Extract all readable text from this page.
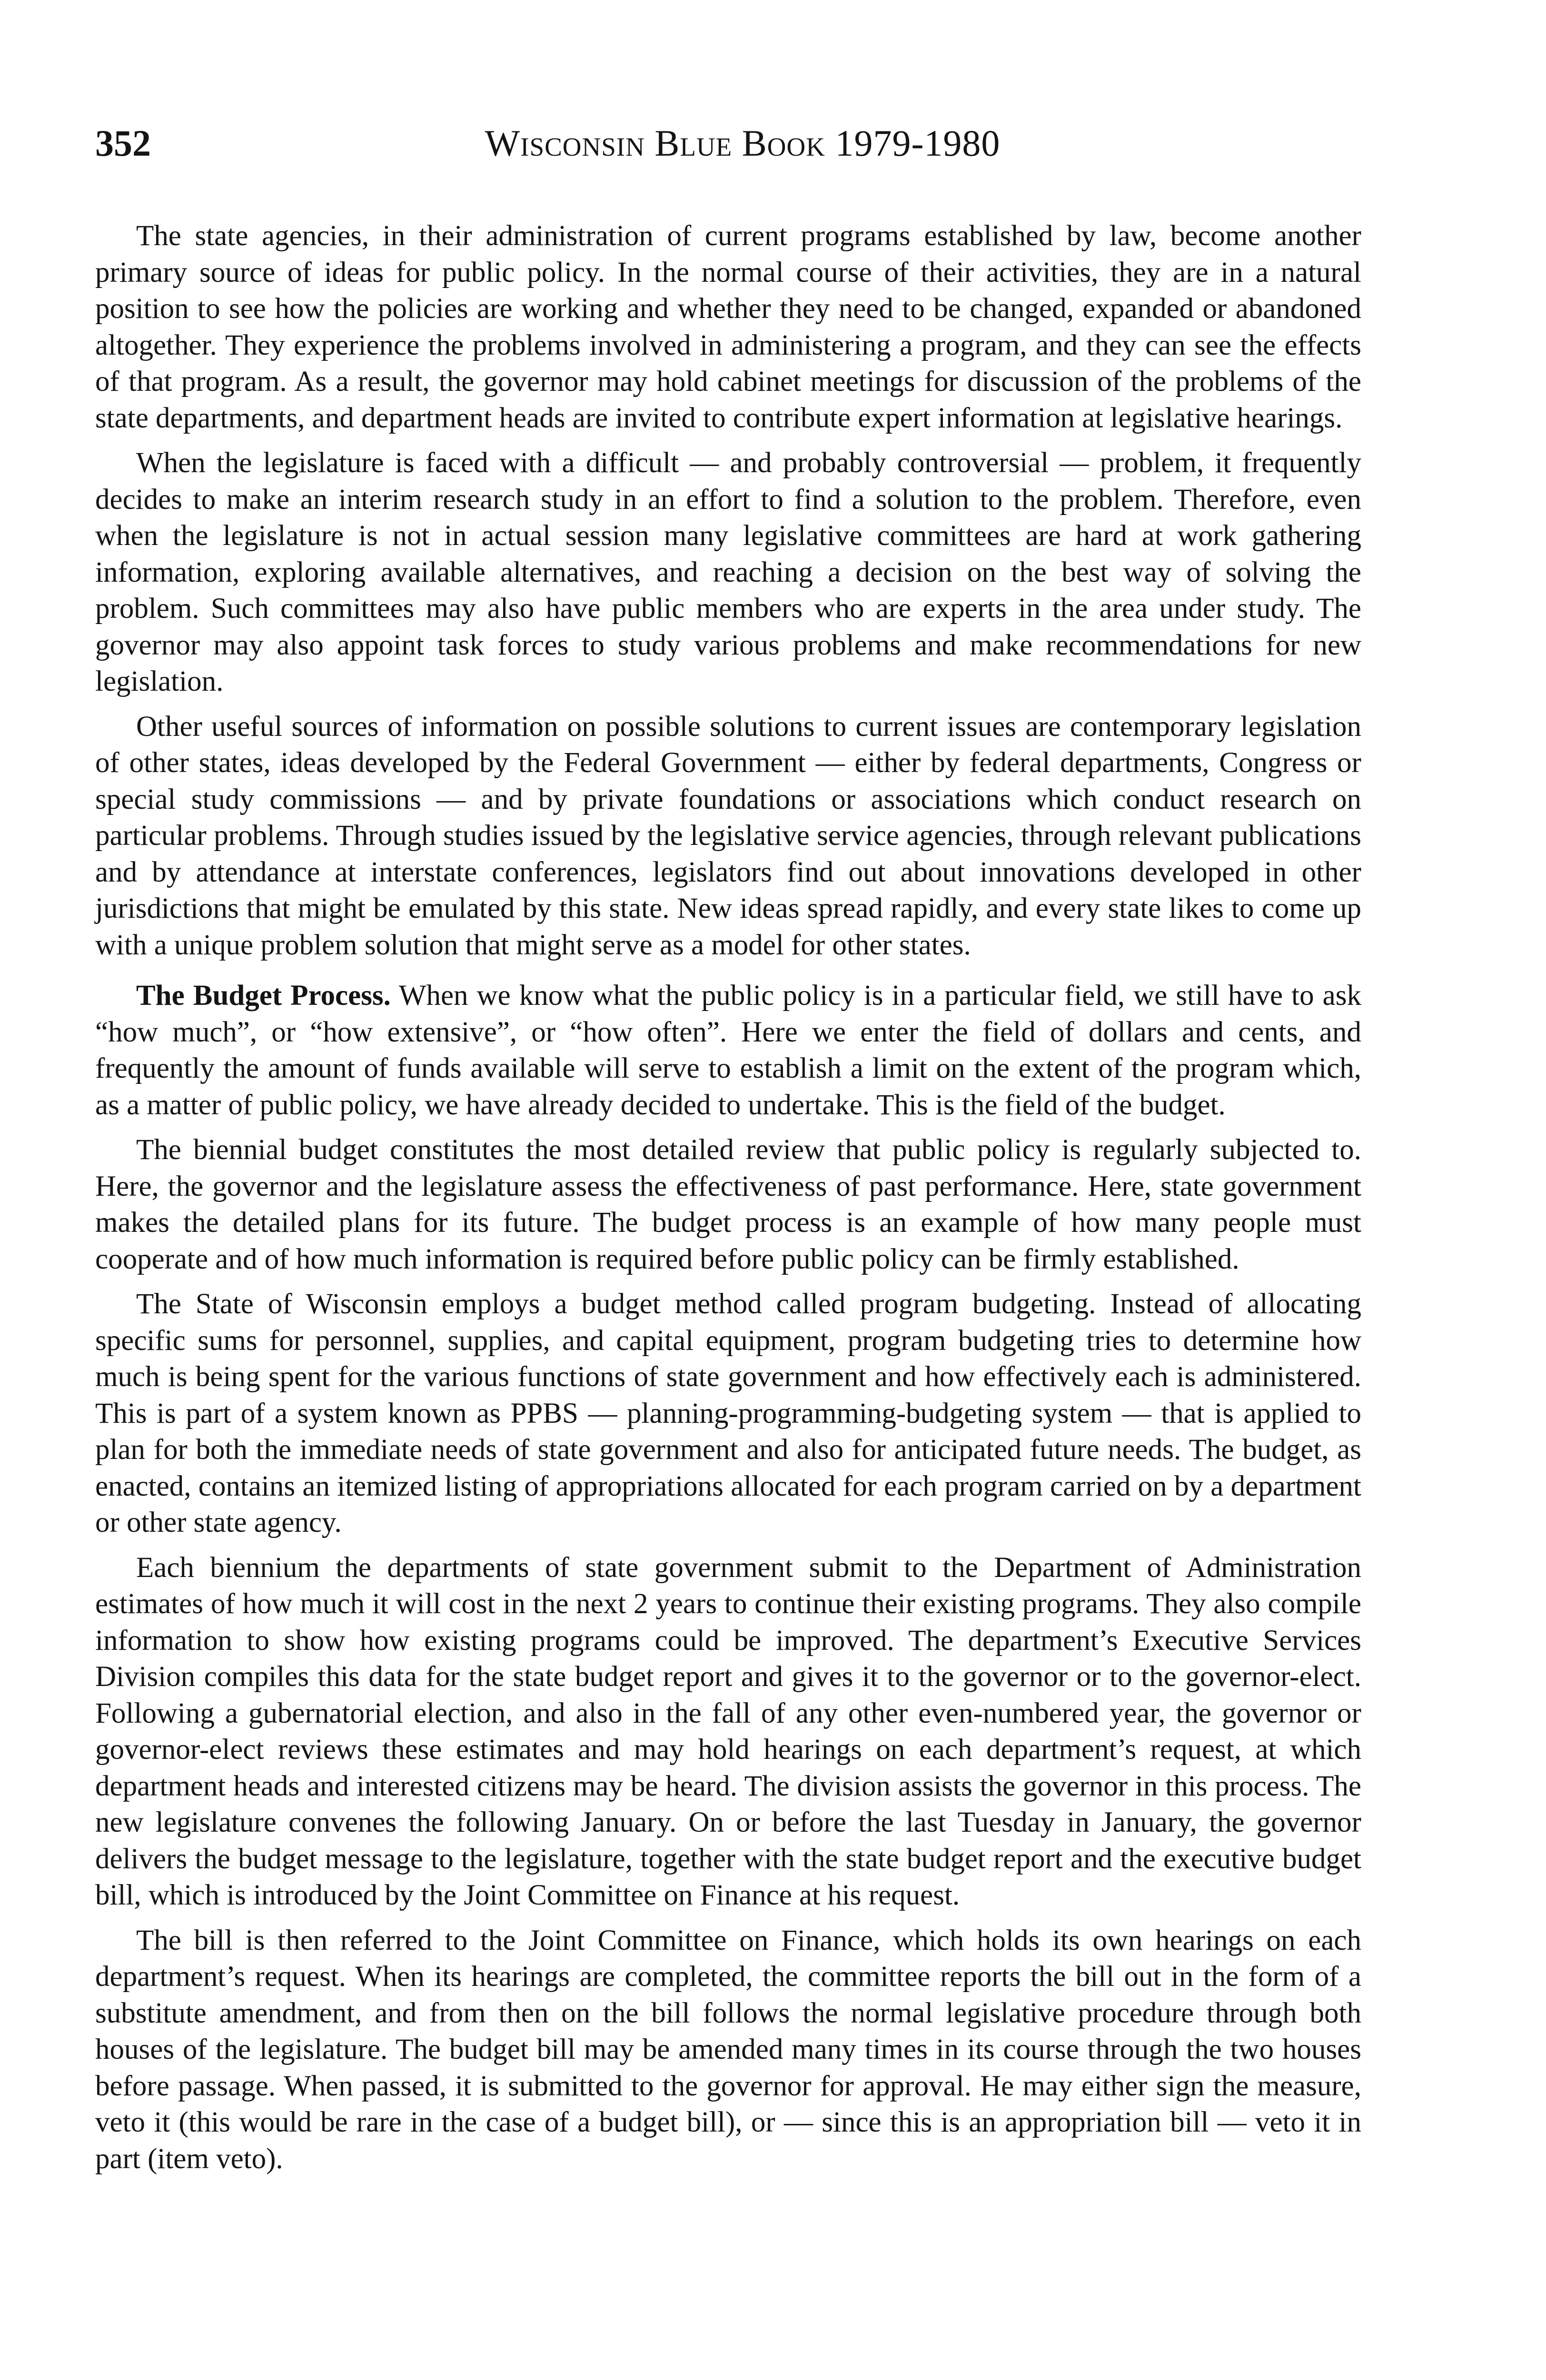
352	Wisconsin Blue Book 1979-1980

The state agencies, in their administration of current programs established by law, become another primary source of ideas for public policy. In the normal course of their activities, they are in a natural position to see how the policies are working and whether they need to be changed, expanded or abandoned altogether. They experience the problems involved in administering a program, and they can see the effects of that program. As a result, the governor may hold cabinet meetings for discussion of the problems of the state departments, and department heads are invited to contribute expert information at legislative hearings.

When the legislature is faced with a difficult — and probably controversial — problem, it frequently decides to make an interim research study in an effort to find a solution to the problem. Therefore, even when the legislature is not in actual session many legislative committees are hard at work gathering information, exploring available alternatives, and reaching a decision on the best way of solving the problem. Such committees may also have public members who are experts in the area under study. The governor may also appoint task forces to study various problems and make recommendations for new legislation.

Other useful sources of information on possible solutions to current issues are contemporary legislation of other states, ideas developed by the Federal Government — either by federal departments, Congress or special study commissions — and by private foundations or associations which conduct research on particular problems. Through studies issued by the legislative service agencies, through relevant publications and by attendance at interstate conferences, legislators find out about innovations developed in other jurisdictions that might be emulated by this state. New ideas spread rapidly, and every state likes to come up with a unique problem solution that might serve as a model for other states.

The Budget Process. When we know what the public policy is in a particular field, we still have to ask “how much”, or “how extensive”, or “how often”. Here we enter the field of dollars and cents, and frequently the amount of funds available will serve to establish a limit on the extent of the program which, as a matter of public policy, we have already decided to undertake. This is the field of the budget.

The biennial budget constitutes the most detailed review that public policy is regularly subjected to. Here, the governor and the legislature assess the effectiveness of past performance. Here, state government makes the detailed plans for its future. The budget process is an example of how many people must cooperate and of how much information is required before public policy can be firmly established.

The State of Wisconsin employs a budget method called program budgeting. Instead of allocating specific sums for personnel, supplies, and capital equipment, program budgeting tries to determine how much is being spent for the various functions of state government and how effectively each is administered. This is part of a system known as PPBS — planning-programming-budgeting system — that is applied to plan for both the immediate needs of state government and also for anticipated future needs. The budget, as enacted, contains an itemized listing of appropriations allocated for each program carried on by a department or other state agency.

Each biennium the departments of state government submit to the Department of Administration estimates of how much it will cost in the next 2 years to continue their existing programs. They also compile information to show how existing programs could be improved. The department’s Executive Services Division compiles this data for the state budget report and gives it to the governor or to the governor-elect. Following a gubernatorial election, and also in the fall of any other even-numbered year, the governor or governor-elect reviews these estimates and may hold hearings on each department’s request, at which department heads and interested citizens may be heard. The division assists the governor in this process. The new legislature convenes the following January. On or before the last Tuesday in January, the governor delivers the budget message to the legislature, together with the state budget report and the executive budget bill, which is introduced by the Joint Committee on Finance at his request.

The bill is then referred to the Joint Committee on Finance, which holds its own hearings on each department’s request. When its hearings are completed, the committee reports the bill out in the form of a substitute amendment, and from then on the bill follows the normal legislative procedure through both houses of the legislature. The budget bill may be amended many times in its course through the two houses before passage. When passed, it is submitted to the governor for approval. He may either sign the measure, veto it (this would be rare in the case of a budget bill), or — since this is an appropriation bill — veto it in part (item veto).
